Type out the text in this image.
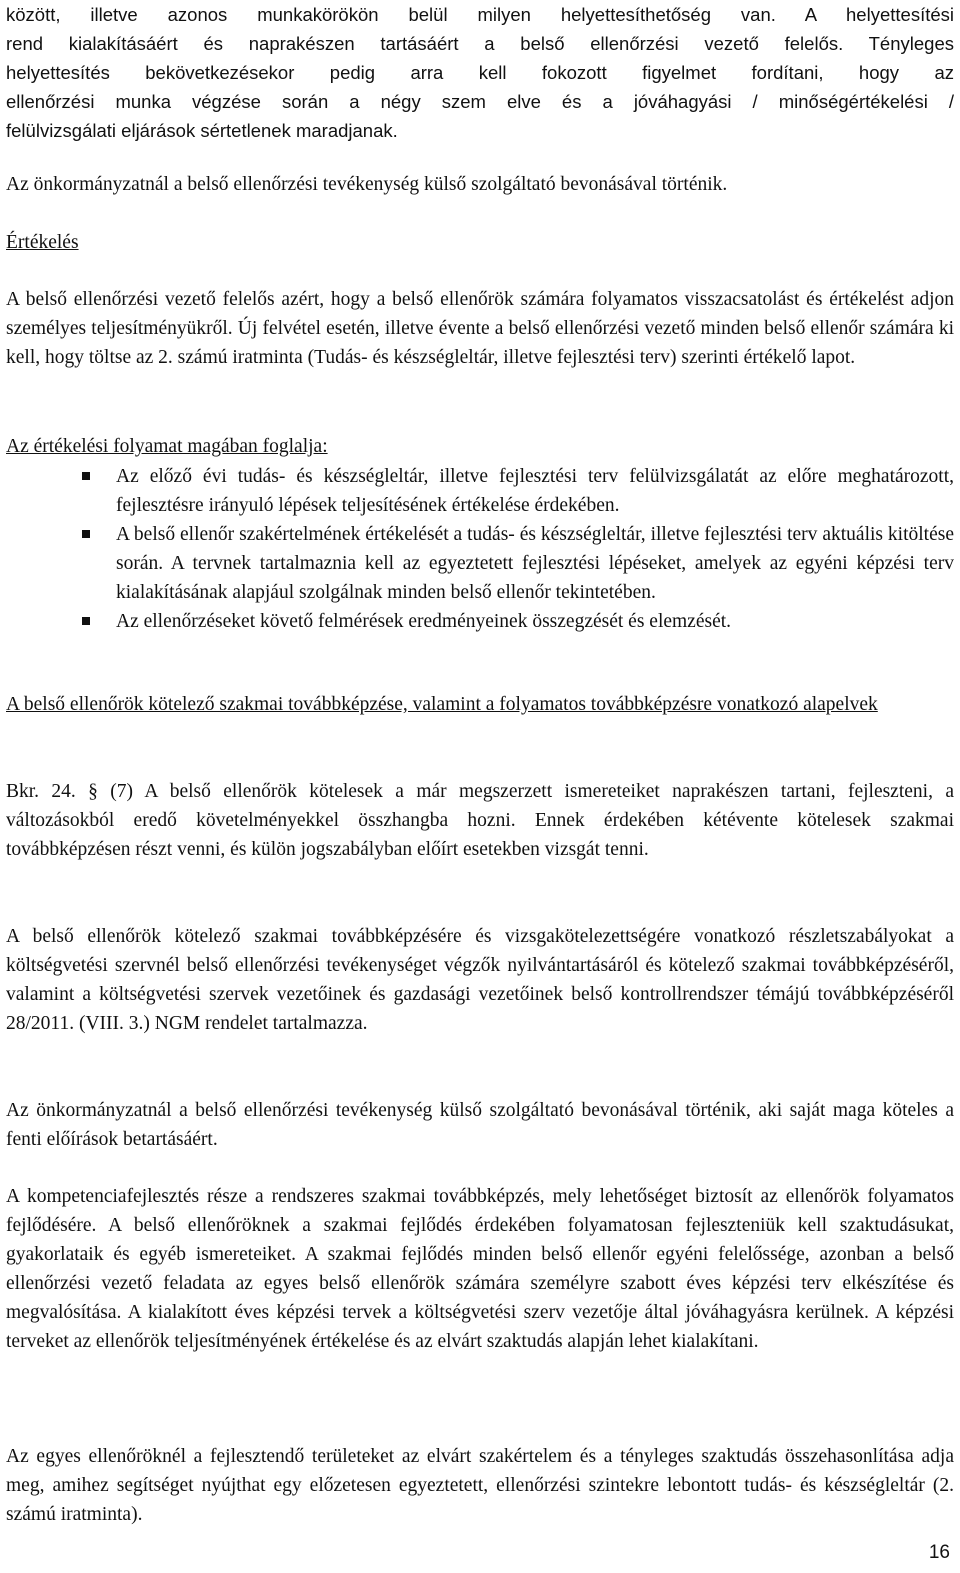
között, illetve azonos munkakörökön belül milyen helyettesíthetőség van. A helyettesítési
rend kialakításáért és naprakészen tartásáért a belső ellenőrzési vezető felelős. Tényleges
helyettesítés bekövetkezésekor pedig arra kell fokozott figyelmet fordítani, hogy az
ellenőrzési munka végzése során a négy szem elve és a jóváhagyási / minőségértékelési /
felülvizsgálati eljárások sértetlenek maradjanak.

Az önkormányzatnál a belső ellenőrzési tevékenység külső szolgáltató bevonásával történik.

Értékelés

A belső ellenőrzési vezető felelős azért, hogy a belső ellenőrök számára folyamatos visszacsatolást és értékelést adjon személyes teljesítményükről. Új felvétel esetén, illetve évente a belső ellenőrzési vezető minden belső ellenőr számára ki kell, hogy töltse az 2. számú iratminta (Tudás- és készségleltár, illetve fejlesztési terv) szerinti értékelő lapot.

Az értékelési folyamat magában foglalja:

Az előző évi tudás- és készségleltár, illetve fejlesztési terv felülvizsgálatát az előre meghatározott, fejlesztésre irányuló lépések teljesítésének értékelése érdekében.
A belső ellenőr szakértelmének értékelését a tudás- és készségleltár, illetve fejlesztési terv aktuális kitöltése során. A tervnek tartalmaznia kell az egyeztetett fejlesztési lépéseket, amelyek az egyéni képzési terv kialakításának alapjául szolgálnak minden belső ellenőr tekintetében.
Az ellenőrzéseket követő felmérések eredményeinek összegzését és elemzését.

A belső ellenőrök kötelező szakmai továbbképzése, valamint a folyamatos továbbképzésre vonatkozó alapelvek

Bkr. 24. § (7) A belső ellenőrök kötelesek a már megszerzett ismereteiket naprakészen tartani, fejleszteni, a változásokból eredő követelményekkel összhangba hozni. Ennek érdekében kétévente kötelesek szakmai továbbképzésen részt venni, és külön jogszabályban előírt esetekben vizsgát tenni.

A belső ellenőrök kötelező szakmai továbbképzésére és vizsgakötelezettségére vonatkozó részletszabályokat a költségvetési szervnél belső ellenőrzési tevékenységet végzők nyilvántartásáról és kötelező szakmai továbbképzéséről, valamint a költségvetési szervek vezetőinek és gazdasági vezetőinek belső kontrollrendszer témájú továbbképzéséről 28/2011. (VIII. 3.) NGM rendelet tartalmazza.

Az önkormányzatnál a belső ellenőrzési tevékenység külső szolgáltató bevonásával történik, aki saját maga köteles a fenti előírások betartásáért.

A kompetenciafejlesztés része a rendszeres szakmai továbbképzés, mely lehetőséget biztosít az ellenőrök folyamatos fejlődésére. A belső ellenőröknek a szakmai fejlődés érdekében folyamatosan fejleszteniük kell szaktudásukat, gyakorlataik és egyéb ismereteiket. A szakmai fejlődés minden belső ellenőr egyéni felelőssége, azonban a belső ellenőrzési vezető feladata az egyes belső ellenőrök számára személyre szabott éves képzési terv elkészítése és megvalósítása. A kialakított éves képzési tervek a költségvetési szerv vezetője által jóváhagyásra kerülnek. A képzési terveket az ellenőrök teljesítményének értékelése és az elvárt szaktudás alapján lehet kialakítani.

Az egyes ellenőröknél a fejlesztendő területeket az elvárt szakértelem és a tényleges szaktudás összehasonlítása adja meg, amihez segítséget nyújthat egy előzetesen egyeztetett, ellenőrzési szintekre lebontott tudás- és készségleltár (2. számú iratminta).

16
